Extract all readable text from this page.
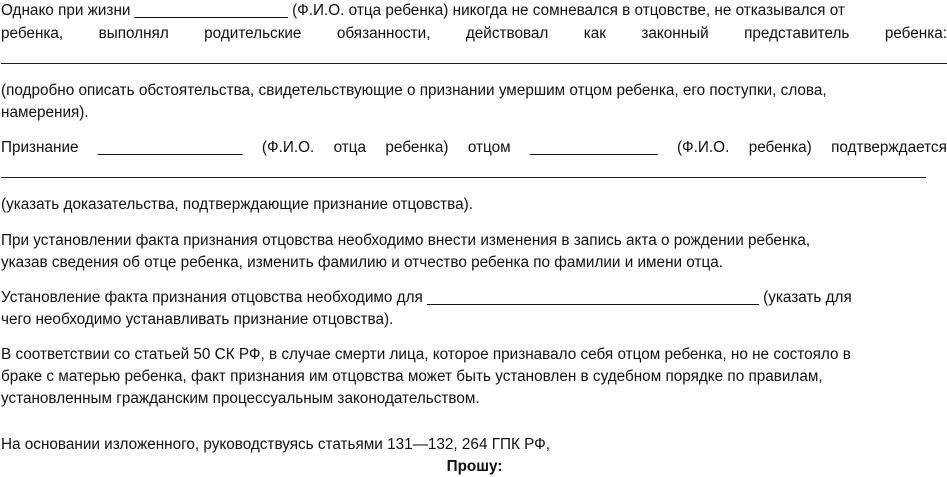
Однако при жизни __________________ (Ф.И.О. отца ребенка) никогда не сомневался в отцовстве, не отказывался от
ребенка, выполнял родительские обязанности, действовал как законный представитель ребенка:
(подробно описать обстоятельства, свидетельствующие о признании умершим отцом ребенка, его поступки, слова,
намерения).
Признание _________________ (Ф.И.О. отца ребенка) отцом _______________ (Ф.И.О. ребенка) подтверждается
(указать доказательства, подтверждающие признание отцовства).
При установлении факта признания отцовства необходимо внести изменения в запись акта о рождении ребенка,
указав сведения об отце ребенка, изменить фамилию и отчество ребенка по фамилии и имени отца.
Установление факта признания отцовства необходимо для _______________________________________ (указать для
чего необходимо устанавливать признание отцовства).
В соответствии со статьей 50 СК РФ, в случае смерти лица, которое признавало себя отцом ребенка, но не состояло в
браке с матерью ребенка, факт признания им отцовства может быть установлен в судебном порядке по правилам,
установленным гражданским процессуальным законодательством.
На основании изложенного, руководствуясь статьями 131—132, 264 ГПК РФ,
Прошу:
